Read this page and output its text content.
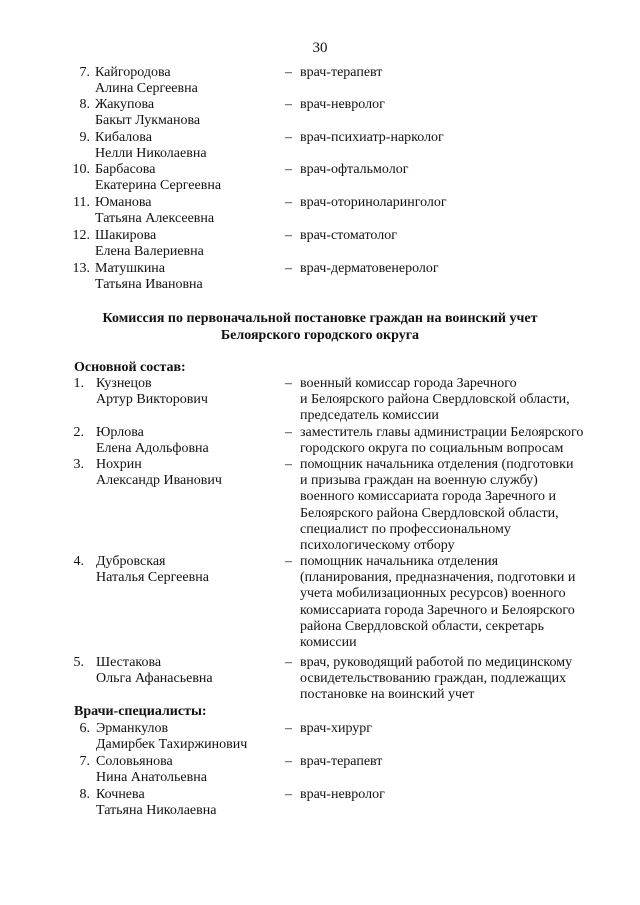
30
7. Кайгородова
Алина Сергеевна
– врач-терапевт
8. Жакупова
Бакыт Лукманова
– врач-невролог
9. Кибалова
Нелли Николаевна
– врач-психиатр-нарколог
10. Барбасова
Екатерина Сергеевна
– врач-офтальмолог
11. Юманова
Татьяна Алексеевна
– врач-оториноларинголог
12. Шакирова
Елена Валериевна
– врач-стоматолог
13. Матушкина
Татьяна Ивановна
– врач-дерматовенеролог
Комиссия по первоначальной постановке граждан на воинский учет
Белоярского городского округа
Основной состав:
1. Кузнецов
Артур Викторович
– военный комиссар города Заречного
и Белоярского района Свердловской области,
председатель комиссии
2. Юрлова
Елена Адольфовна
– заместитель главы администрации Белоярского
городского округа по социальным вопросам
3. Нохрин
Александр Иванович
– помощник начальника отделения (подготовки
и призыва граждан на военную службу)
военного комиссариата города Заречного и
Белоярского района Свердловской области,
специалист по профессиональному
психологическому отбору
4. Дубровская
Наталья Сергеевна
– помощник начальника отделения
(планирования, предназначения, подготовки и
учета мобилизационных ресурсов) военного
комиссариата города Заречного и Белоярского
района Свердловской области, секретарь
комиссии
5. Шестакова
Ольга Афанасьевна
– врач, руководящий работой по медицинскому
освидетельствованию граждан, подлежащих
постановке на воинский учет
Врачи-специалисты:
6. Эрманкулов
Дамирбек Тахиржинович
– врач-хирург
7. Соловьянова
Нина Анатольевна
– врач-терапевт
8. Кочнева
Татьяна Николаевна
– врач-невролог
